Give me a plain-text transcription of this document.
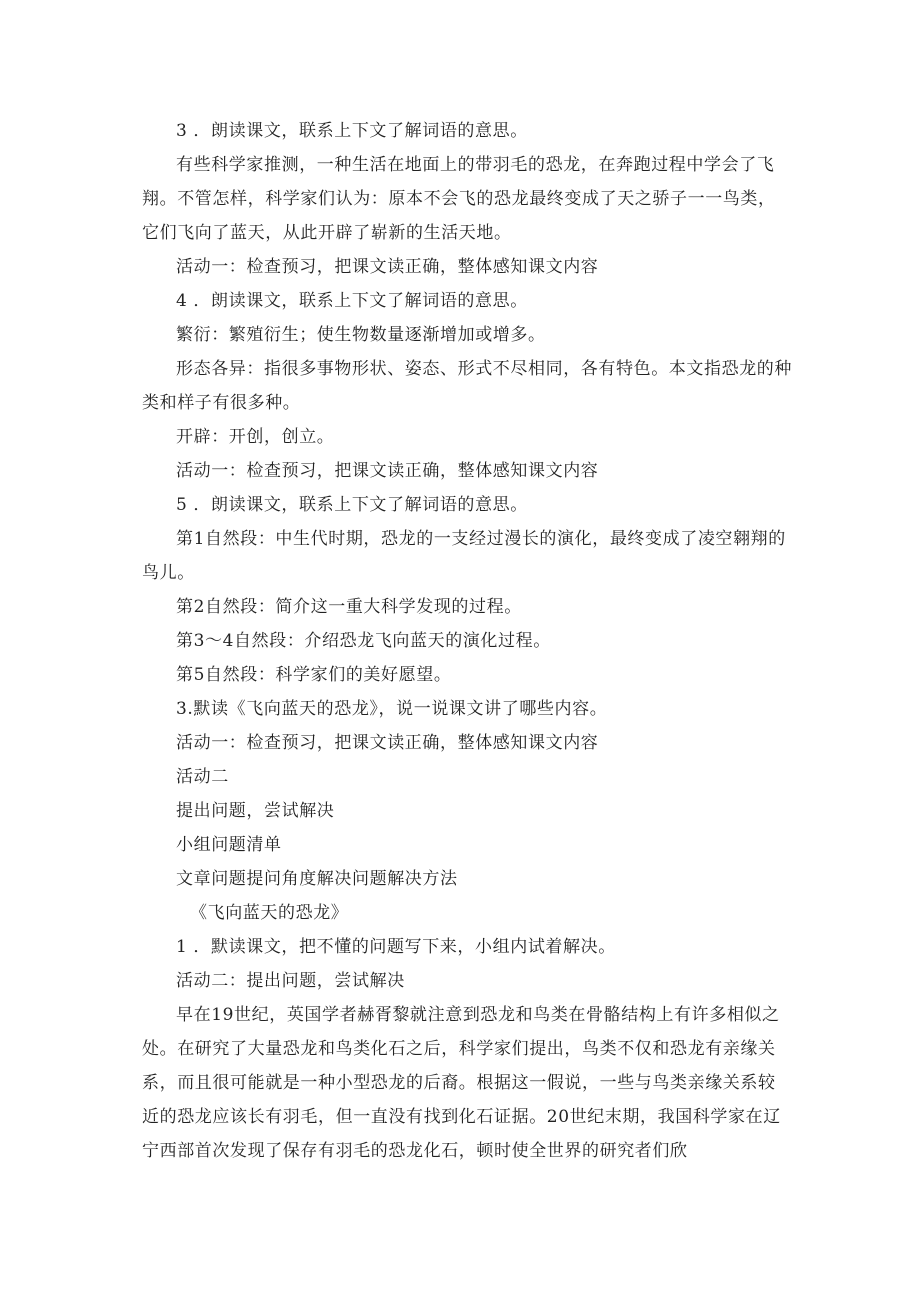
3 ．朗读课文，联系上下文了解词语的意思。

有些科学家推测，一种生活在地面上的带羽毛的恐龙，在奔跑过程中学会了飞翔。不管怎样，科学家们认为：原本不会飞的恐龙最终变成了天之骄子一一鸟类，它们飞向了蓝天，从此开辟了崭新的生活天地。

活动一：检查预习，把课文读正确，整体感知课文内容

4 ．朗读课文，联系上下文了解词语的意思。

繁衍：繁殖衍生；使生物数量逐渐增加或增多。

形态各异：指很多事物形状、姿态、形式不尽相同，各有特色。本文指恐龙的种类和样子有很多种。

开辟：开创，创立。

活动一：检查预习，把课文读正确，整体感知课文内容

5 ．朗读课文，联系上下文了解词语的意思。

第1自然段：中生代时期，恐龙的一支经过漫长的演化，最终变成了凌空翱翔的鸟儿。

第2自然段：简介这一重大科学发现的过程。

第3〜4自然段：介绍恐龙飞向蓝天的演化过程。

第5自然段：科学家们的美好愿望。

3.默读《飞向蓝天的恐龙》，说一说课文讲了哪些内容。

活动一：检查预习，把课文读正确，整体感知课文内容

活动二

提出问题，尝试解决

小组问题清单

文章问题提问角度解决问题解决方法

《飞向蓝天的恐龙》

1 ．默读课文，把不懂的问题写下来，小组内试着解决。

活动二：提出问题，尝试解决

早在19世纪，英国学者赫胥黎就注意到恐龙和鸟类在骨骼结构上有许多相似之处。在研究了大量恐龙和鸟类化石之后，科学家们提出，鸟类不仅和恐龙有亲缘关系，而且很可能就是一种小型恐龙的后裔。根据这一假说，一些与鸟类亲缘关系较近的恐龙应该长有羽毛，但一直没有找到化石证据。20世纪末期，我国科学家在辽宁西部首次发现了保存有羽毛的恐龙化石，顿时使全世界的研究者们欣
